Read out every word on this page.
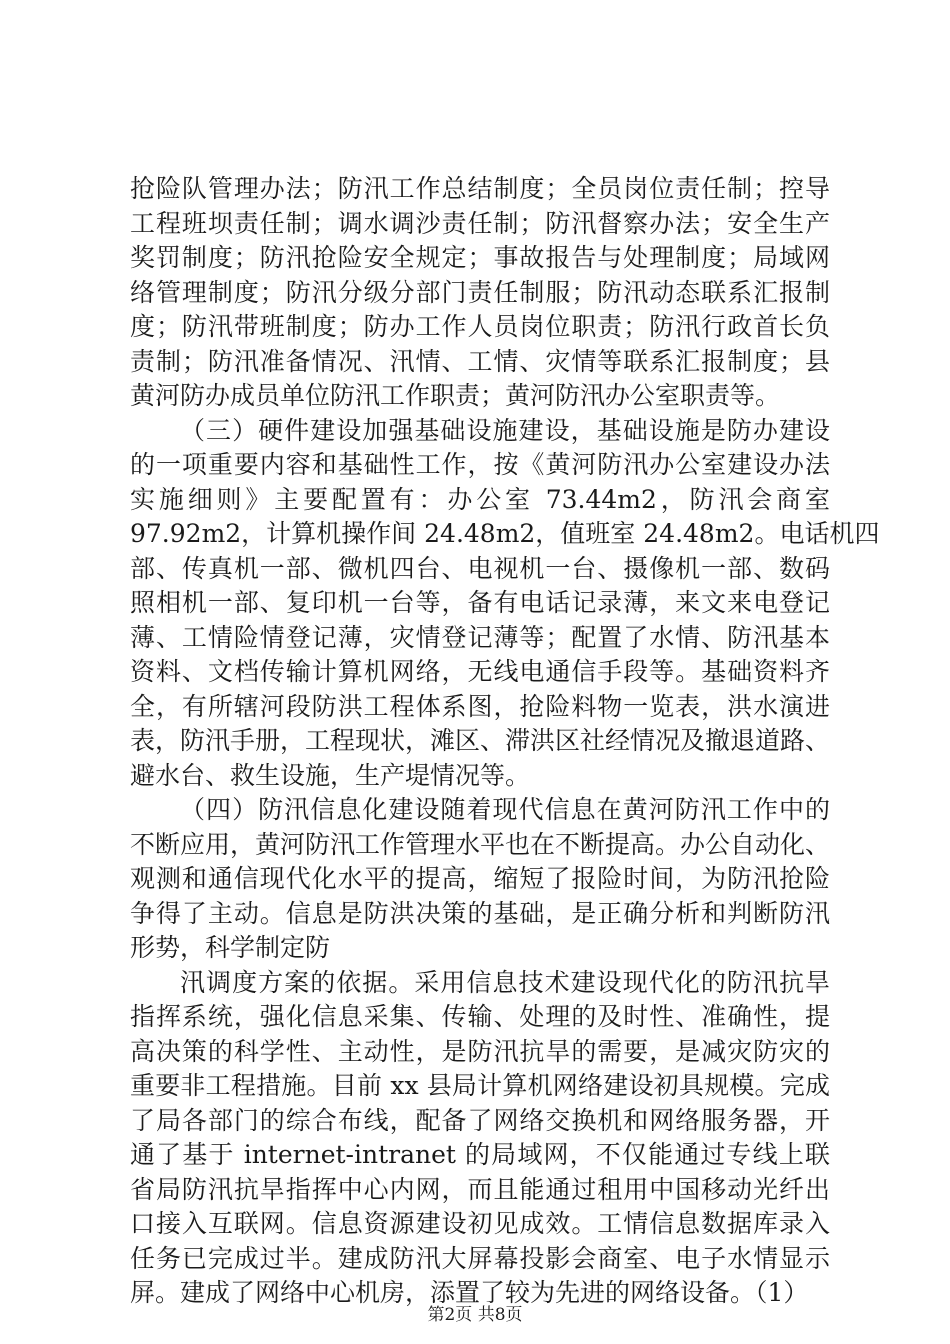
抢险队管理办法；防汛工作总结制度；全员岗位责任制；控导
工程班坝责任制；调水调沙责任制；防汛督察办法；安全生产
奖罚制度；防汛抢险安全规定；事故报告与处理制度；局域网
络管理制度；防汛分级分部门责任制服；防汛动态联系汇报制
度；防汛带班制度；防办工作人员岗位职责；防汛行政首长负
责制；防汛准备情况、汛情、工情、灾情等联系汇报制度；县
黄河防办成员单位防汛工作职责；黄河防汛办公室职责等。
（三）硬件建设加强基础设施建设，基础设施是防办建设
的一项重要内容和基础性工作，按《黄河防汛办公室建设办法
实施细则》主要配置有：办公室 73.44m2，防汛会商室
97.92m2，计算机操作间 24.48m2，值班室 24.48m2。电话机四
部、传真机一部、微机四台、电视机一台、摄像机一部、数码
照相机一部、复印机一台等，备有电话记录薄，来文来电登记
薄、工情险情登记薄，灾情登记薄等；配置了水情、防汛基本
资料、文档传输计算机网络，无线电通信手段等。基础资料齐
全，有所辖河段防洪工程体系图，抢险料物一览表，洪水演进
表，防汛手册，工程现状，滩区、滞洪区社经情况及撤退道路、
避水台、救生设施，生产堤情况等。
（四）防汛信息化建设随着现代信息在黄河防汛工作中的
不断应用，黄河防汛工作管理水平也在不断提高。办公自动化、
观测和通信现代化水平的提高，缩短了报险时间，为防汛抢险
争得了主动。信息是防洪决策的基础，是正确分析和判断防汛
形势，科学制定防
汛调度方案的依据。采用信息技术建设现代化的防汛抗旱
指挥系统，强化信息采集、传输、处理的及时性、准确性，提
高决策的科学性、主动性，是防汛抗旱的需要，是减灾防灾的
重要非工程措施。目前 xx 县局计算机网络建设初具规模。完成
了局各部门的综合布线，配备了网络交换机和网络服务器，开
通了基于 internet-intranet 的局域网，不仅能通过专线上联
省局防汛抗旱指挥中心内网，而且能通过租用中国移动光纤出
口接入互联网。信息资源建设初见成效。工情信息数据库录入
任务已完成过半。建成防汛大屏幕投影会商室、电子水情显示
屏。建成了网络中心机房，添置了较为先进的网络设备。（1）
第2页 共8页
